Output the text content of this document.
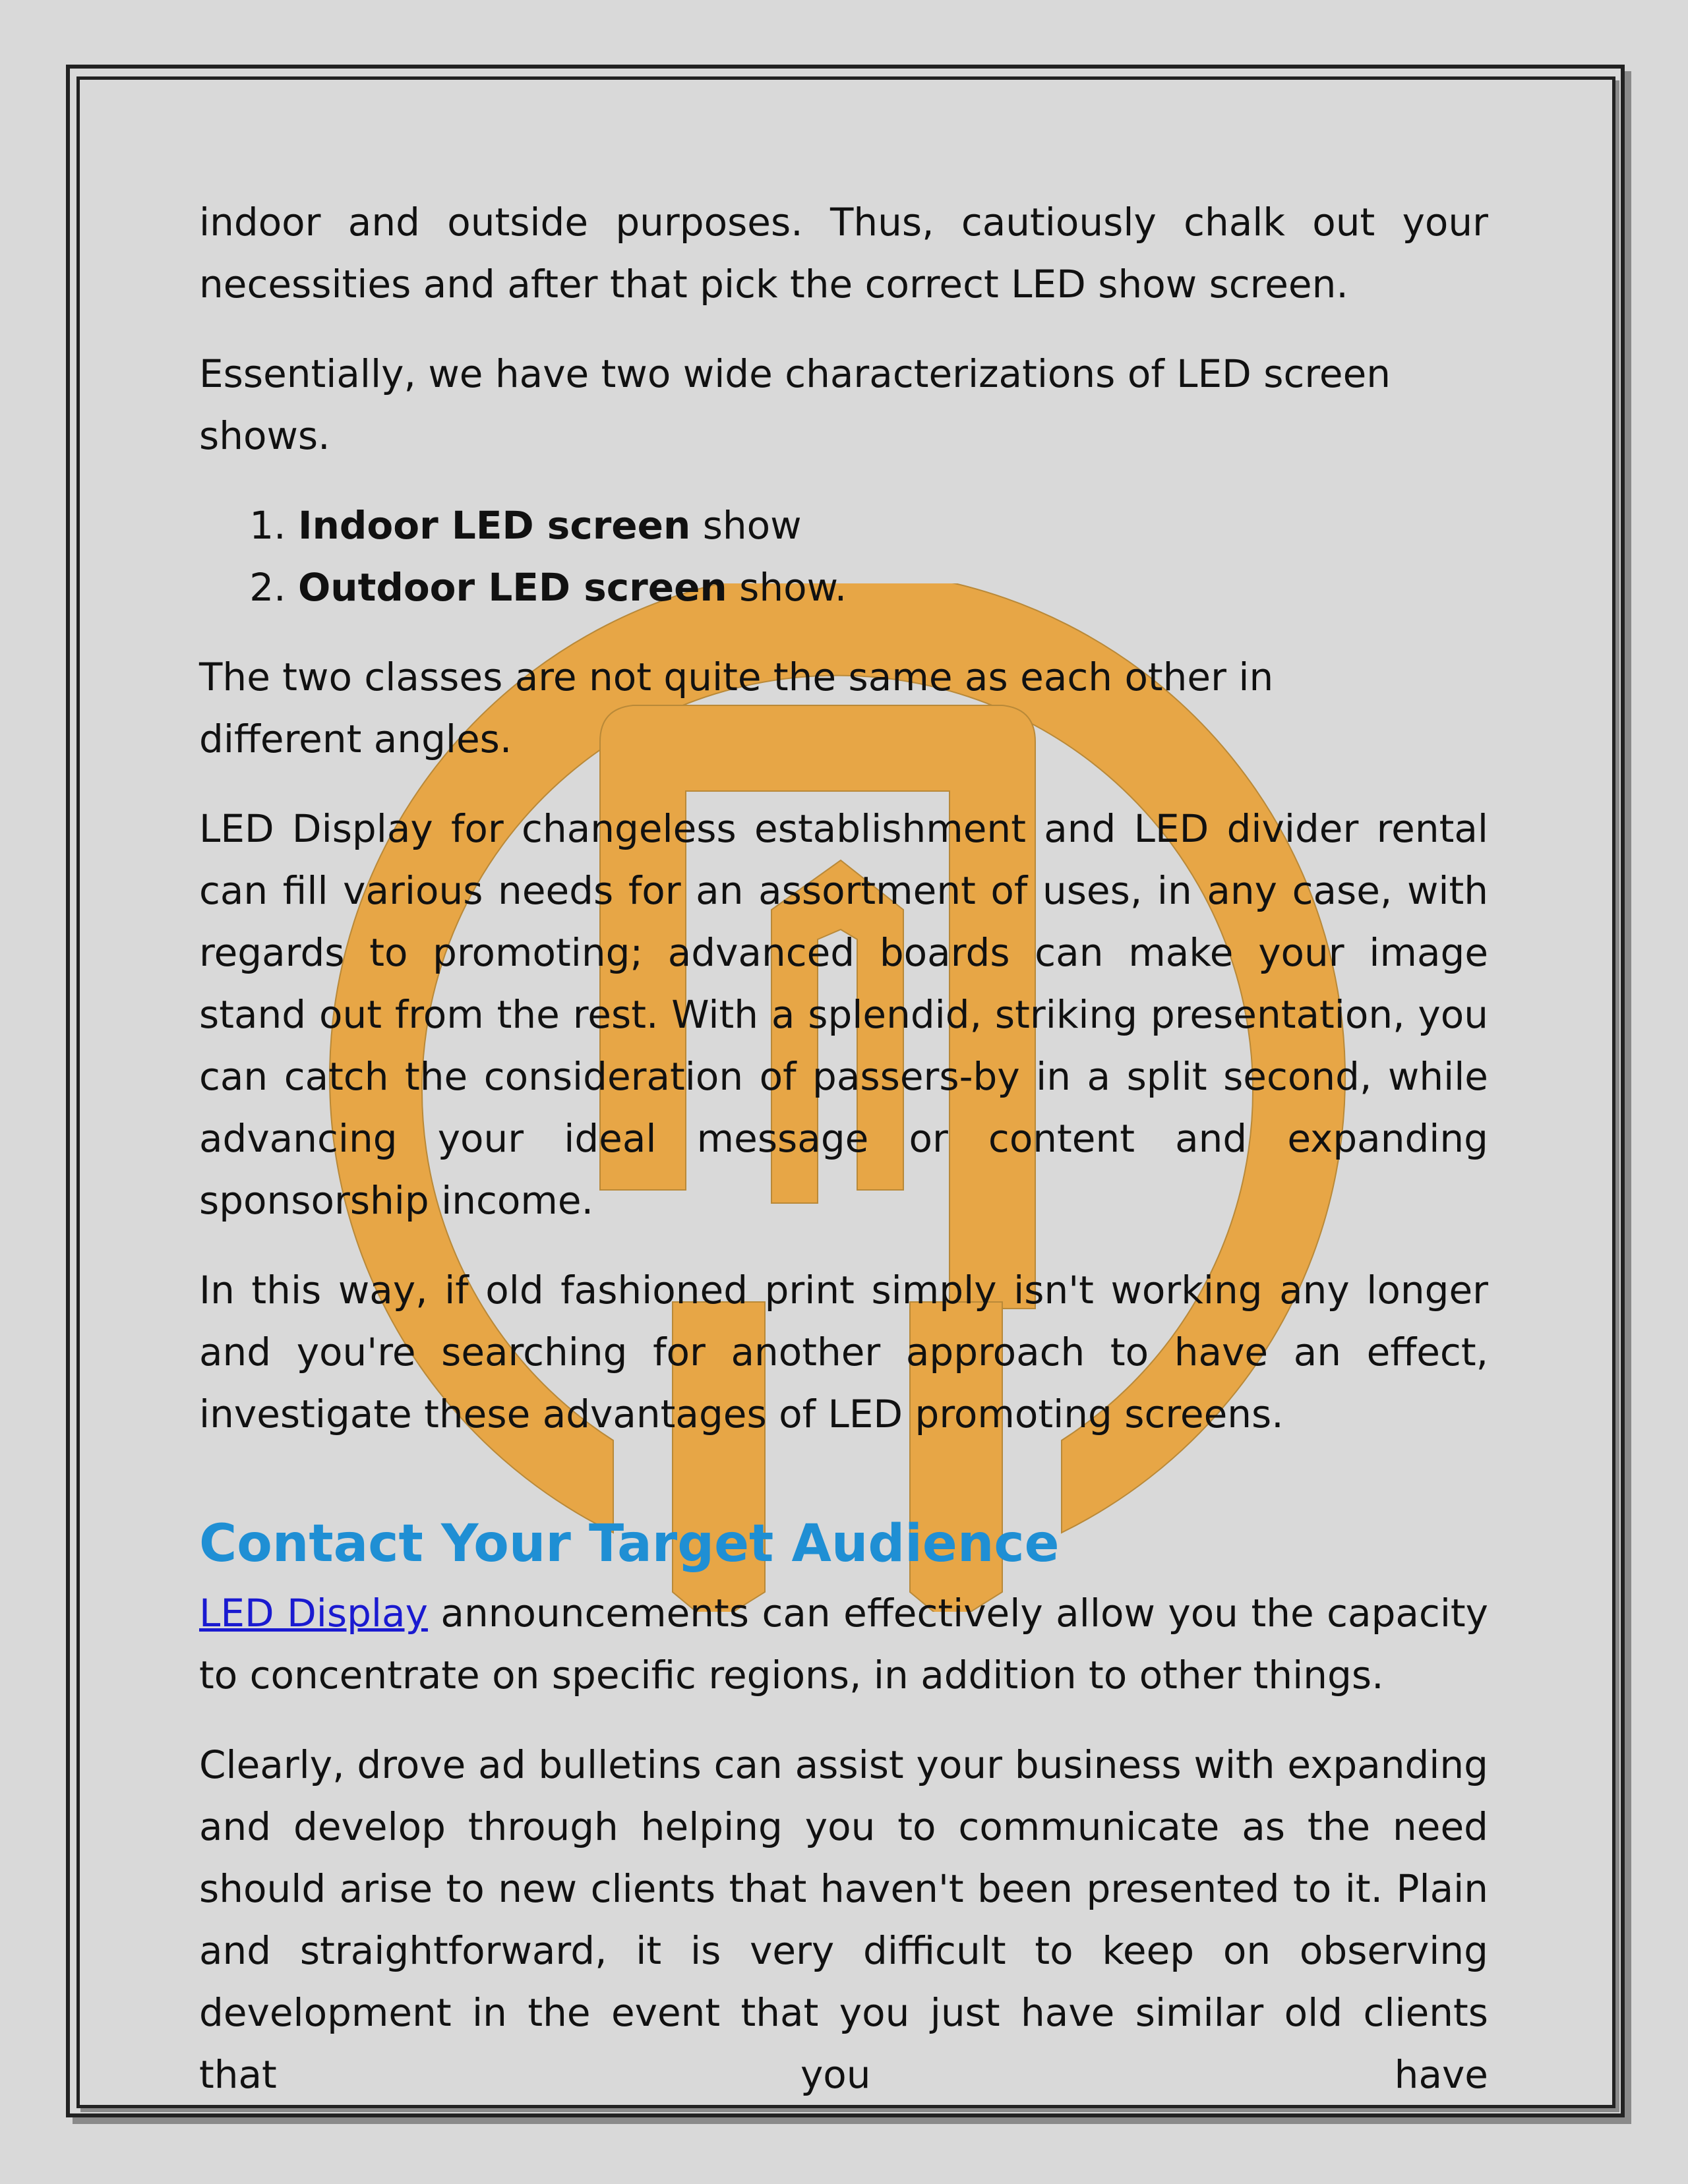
indoor and outside purposes. Thus, cautiously chalk out your necessities and after that pick the correct LED show screen.

Essentially, we have two wide characterizations of LED screen shows.

1. Indoor LED screen show
2. Outdoor LED screen show.

The two classes are not quite the same as each other in different angles.

LED Display for changeless establishment and LED divider rental can fill various needs for an assortment of uses, in any case, with regards to promoting; advanced boards can make your image stand out from the rest. With a splendid, striking presentation, you can catch the consideration of passers-by in a split second, while advancing your ideal message or content and expanding sponsorship income.

In this way, if old fashioned print simply isn't working any longer and you're searching for another approach to have an effect, investigate these advantages of LED promoting screens.

Contact Your Target Audience

LED Display announcements can effectively allow you the capacity to concentrate on specific regions, in addition to other things.

Clearly, drove ad bulletins can assist your business with expanding and develop through helping you to communicate as the need should arise to new clients that haven't been presented to it. Plain and straightforward, it is very difficult to keep on observing development in the event that you just have similar old clients that you have
